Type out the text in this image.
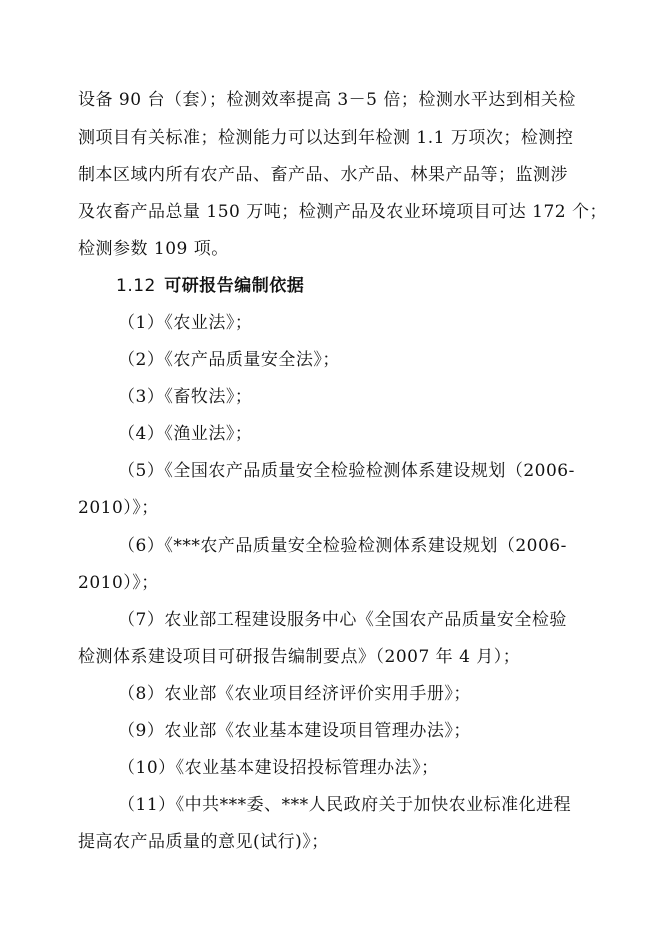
设备 90 台（套）；检测效率提高 3－5 倍；检测水平达到相关检
测项目有关标准；检测能力可以达到年检测 1.1 万项次；检测控
制本区域内所有农产品、畜产品、水产品、林果产品等；监测涉
及农畜产品总量 150 万吨；检测产品及农业环境项目可达 172 个；
检测参数 109 项。
1.12 可研报告编制依据
（1）《农业法》；
（2）《农产品质量安全法》；
（3）《畜牧法》；
（4）《渔业法》；
（5）《全国农产品质量安全检验检测体系建设规划（2006-
2010）》；
（6）《***农产品质量安全检验检测体系建设规划（2006-
2010）》；
（7）农业部工程建设服务中心《全国农产品质量安全检验
检测体系建设项目可研报告编制要点》（2007 年 4 月）；
（8）农业部《农业项目经济评价实用手册》；
（9）农业部《农业基本建设项目管理办法》；
（10）《农业基本建设招投标管理办法》；
（11）《中共***委、***人民政府关于加快农业标准化进程
提高农产品质量的意见(试行)》；
